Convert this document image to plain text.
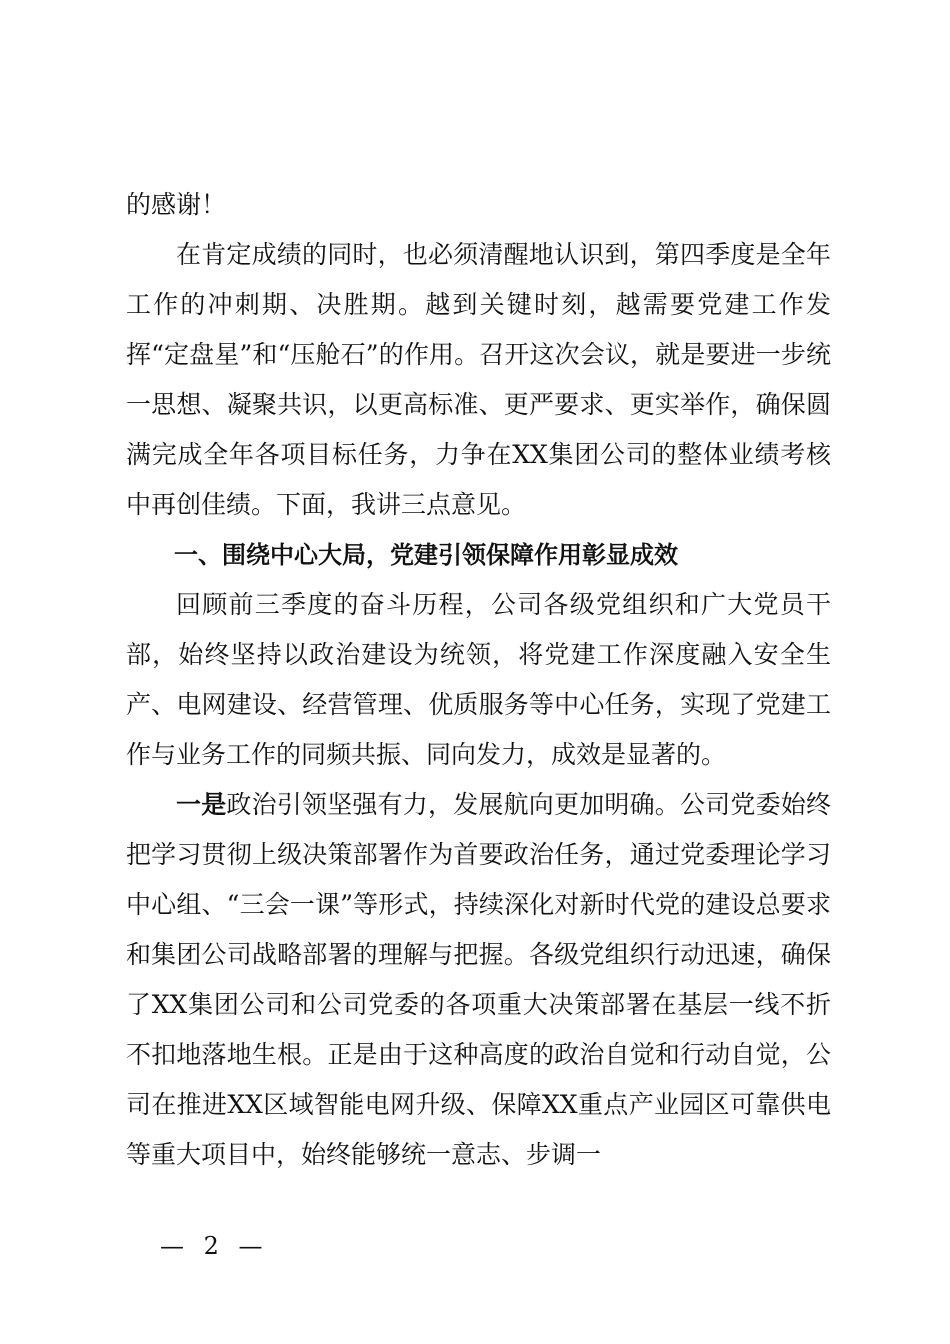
的感谢！

在肯定成绩的同时，也必须清醒地认识到，第四季度是全年工作的冲刺期、决胜期。越到关键时刻，越需要党建工作发挥“定盘星”和“压舱石”的作用。召开这次会议，就是要进一步统一思想、凝聚共识，以更高标准、更严要求、更实举作，确保圆满完成全年各项目标任务，力争在XX集团公司的整体业绩考核中再创佳绩。下面，我讲三点意见。

一、围绕中心大局，党建引领保障作用彰显成效

回顾前三季度的奋斗历程，公司各级党组织和广大党员干部，始终坚持以政治建设为统领，将党建工作深度融入安全生产、电网建设、经营管理、优质服务等中心任务，实现了党建工作与业务工作的同频共振、同向发力，成效是显著的。

一是政治引领坚强有力，发展航向更加明确。公司党委始终把学习贯彻上级决策部署作为首要政治任务，通过党委理论学习中心组、“三会一课”等形式，持续深化对新时代党的建设总要求和集团公司战略部署的理解与把握。各级党组织行动迅速，确保了XX集团公司和公司党委的各项重大决策部署在基层一线不折不扣地落地生根。正是由于这种高度的政治自觉和行动自觉，公司在推进XX区域智能电网升级、保障XX重点产业园区可靠供电等重大项目中，始终能够统一意志、步调一

— 2 —
